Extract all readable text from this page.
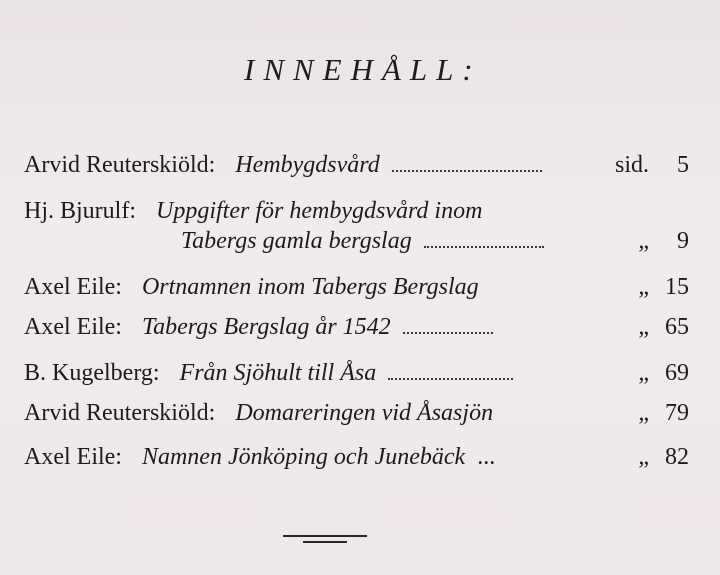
INNEHÅLL:
Arvid Reuterskiöld: Hembygdsvård	sid. 5
Hj. Bjurulf: Uppgifter för hembygdsvård inom
Tabergs gamla bergslag	„ 9
Axel Eile: Ortnamnen inom Tabergs Bergslag	„ 15
Axel Eile: Tabergs Bergslag år 1542	„ 65
B. Kugelberg: Från Sjöhult till Åsa	„ 69
Arvid Reuterskiöld: Domareringen vid Åsasjön	„ 79
Axel Eile: Namnen Jönköping och Junebäck ...	„ 82
